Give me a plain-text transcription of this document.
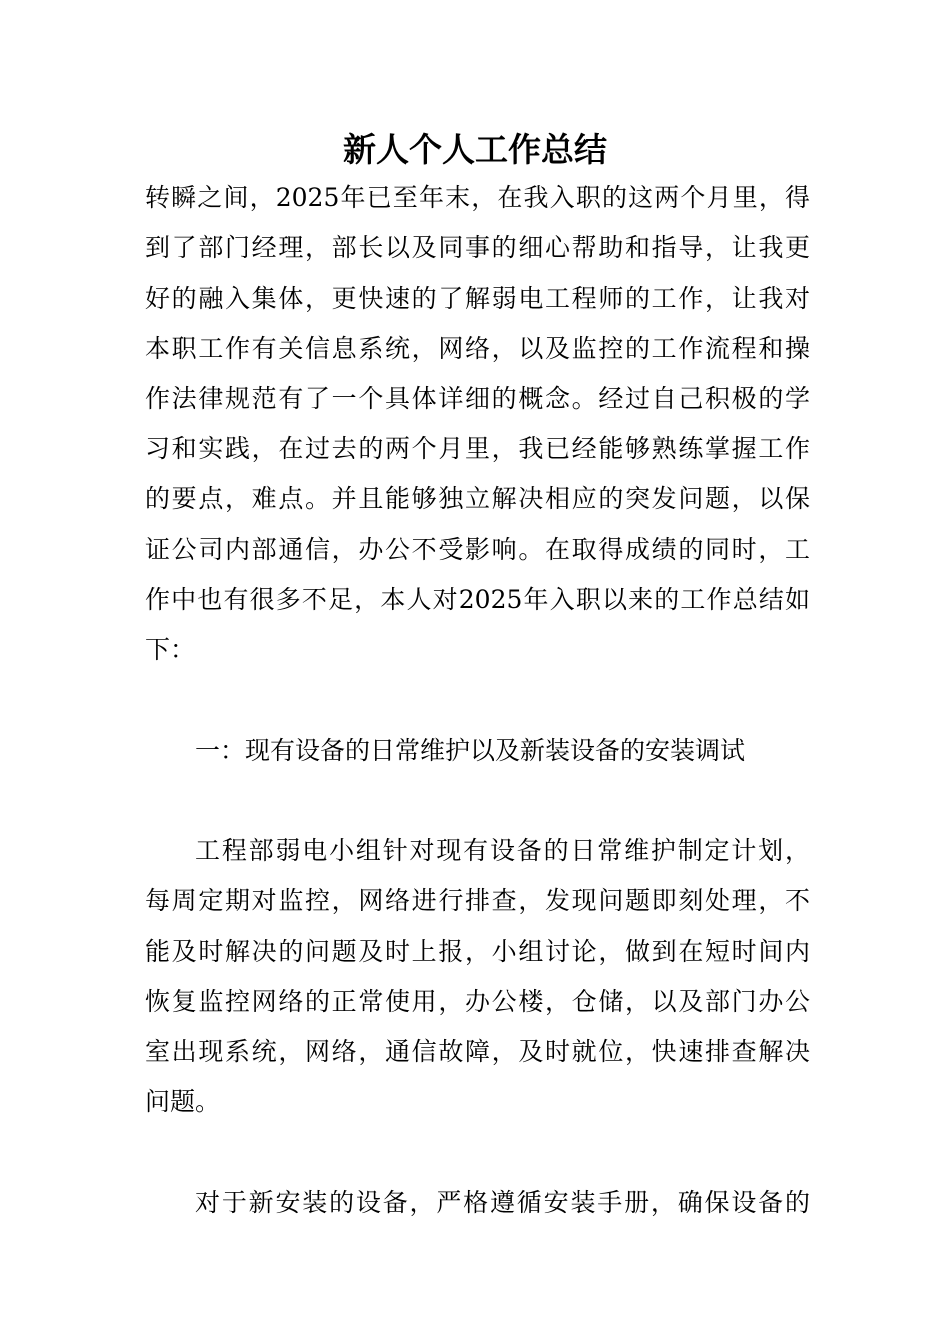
新人个人工作总结

转瞬之间，2025年已至年末，在我入职的这两个月里，得

到了部门经理，部长以及同事的细心帮助和指导，让我更

好的融入集体，更快速的了解弱电工程师的工作，让我对

本职工作有关信息系统，网络，以及监控的工作流程和操

作法律规范有了一个具体详细的概念。经过自己积极的学

习和实践，在过去的两个月里，我已经能够熟练掌握工作

的要点，难点。并且能够独立解决相应的突发问题，以保

证公司内部通信，办公不受影响。在取得成绩的同时，工

作中也有很多不足，本人对2025年入职以来的工作总结如

下：

一：现有设备的日常维护以及新装设备的安装调试

工程部弱电小组针对现有设备的日常维护制定计划，

每周定期对监控，网络进行排查，发现问题即刻处理，不

能及时解决的问题及时上报，小组讨论，做到在短时间内

恢复监控网络的正常使用，办公楼，仓储，以及部门办公

室出现系统，网络，通信故障，及时就位，快速排查解决

问题。

对于新安装的设备，严格遵循安装手册，确保设备的
